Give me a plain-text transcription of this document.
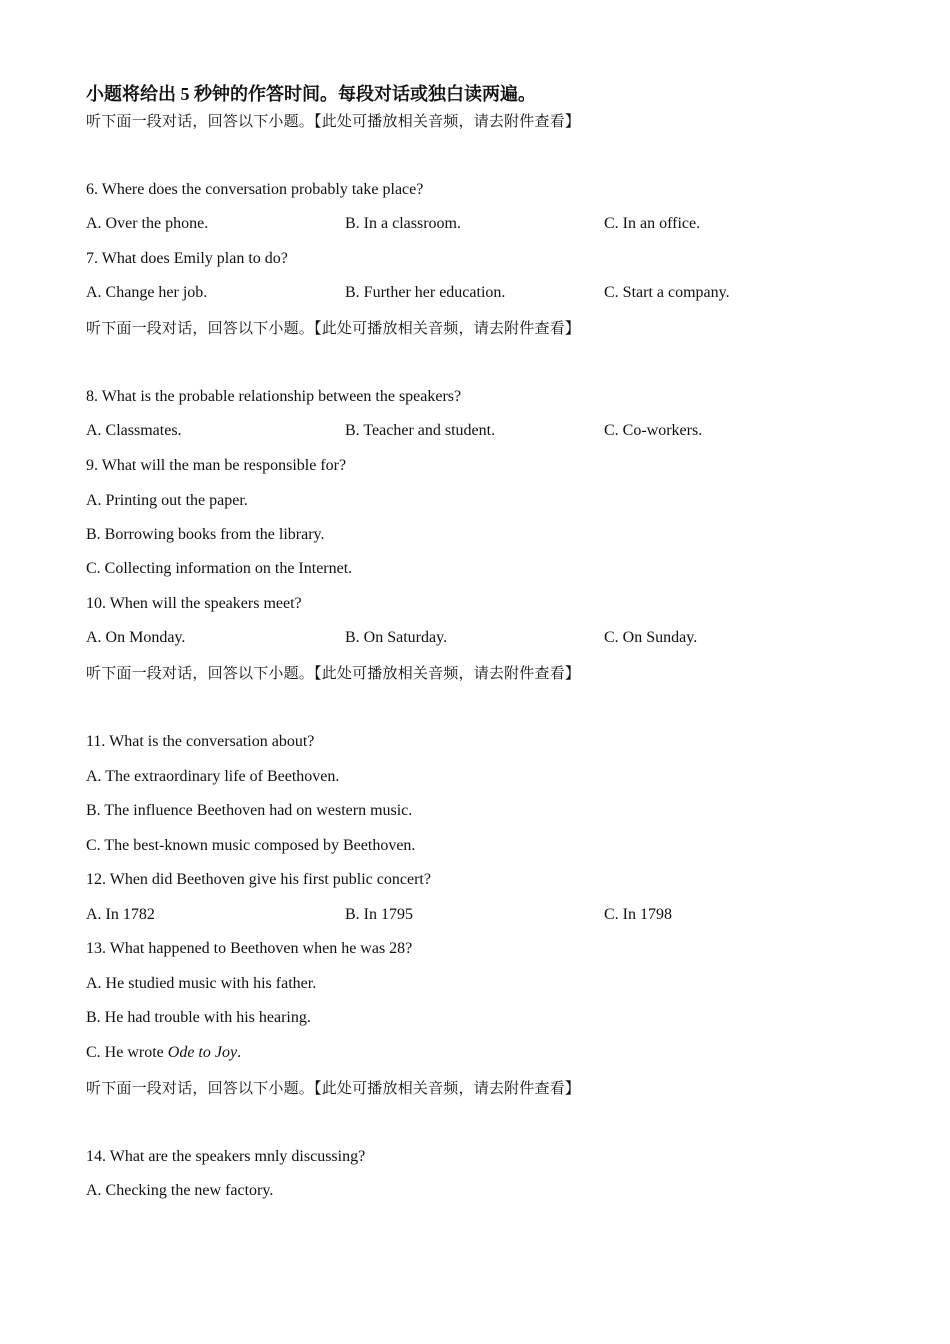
小题将给出 5 秒钟的作答时间。每段对话或独白读两遍。
听下面一段对话，回答以下小题。【此处可播放相关音频，请去附件查看】
6. Where does the conversation probably take place?
A. Over the phone.	B. In a classroom.	C. In an office.
7. What does Emily plan to do?
A. Change her job.	B. Further her education.	C. Start a company.
听下面一段对话，回答以下小题。【此处可播放相关音频，请去附件查看】
8. What is the probable relationship between the speakers?
A. Classmates.	B. Teacher and student.	C. Co-workers.
9. What will the man be responsible for?
A. Printing out the paper.
B. Borrowing books from the library.
C. Collecting information on the Internet.
10. When will the speakers meet?
A. On Monday.	B. On Saturday.	C. On Sunday.
听下面一段对话，回答以下小题。【此处可播放相关音频，请去附件查看】
11. What is the conversation about?
A. The extraordinary life of Beethoven.
B. The influence Beethoven had on western music.
C. The best-known music composed by Beethoven.
12. When did Beethoven give his first public concert?
A. In 1782	B. In 1795	C. In 1798
13. What happened to Beethoven when he was 28?
A. He studied music with his father.
B. He had trouble with his hearing.
C. He wrote Ode to Joy.
听下面一段对话，回答以下小题。【此处可播放相关音频，请去附件查看】
14. What are the speakers mnly discussing?
A. Checking the new factory.
